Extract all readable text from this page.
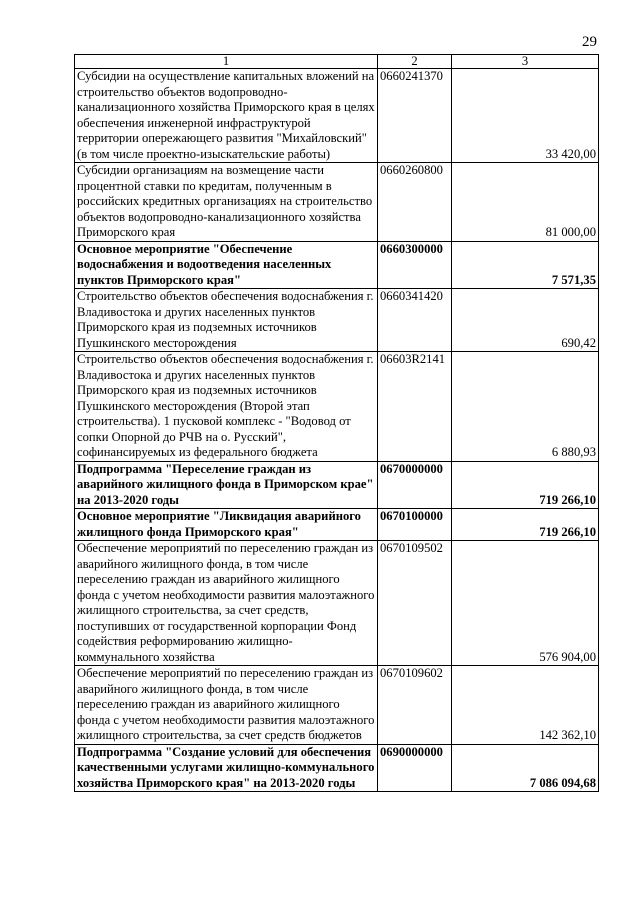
29
1	2	3
Субсидии на осуществление капитальных вложений на строительство объектов водопроводно-канализационного хозяйства Приморского края в целях обеспечения инженерной инфраструктурой территории опережающего развития "Михайловский" (в том числе проектно-изыскательские работы)	0660241370	33 420,00
Субсидии организациям на возмещение части процентной ставки по кредитам, полученным в российских кредитных организациях на строительство объектов водопроводно-канализационного хозяйства Приморского края	0660260800	81 000,00
Основное мероприятие "Обеспечение водоснабжения и водоотведения населенных пунктов Приморского края"	0660300000	7 571,35
Строительство объектов обеспечения водоснабжения г. Владивостока и других населенных пунктов Приморского края из подземных источников Пушкинского месторождения	0660341420	690,42
Строительство объектов обеспечения водоснабжения г. Владивостока и других населенных пунктов Приморского края из подземных источников Пушкинского месторождения (Второй этап строительства). 1 пусковой комплекс - "Водовод от сопки Опорной до РЧВ на о. Русский", софинансируемых из федерального бюджета	06603R2141	6 880,93
Подпрограмма "Переселение граждан из аварийного жилищного фонда в Приморском крае" на 2013-2020 годы	0670000000	719 266,10
Основное мероприятие "Ликвидация аварийного жилищного фонда Приморского края"	0670100000	719 266,10
Обеспечение мероприятий по переселению граждан из аварийного жилищного фонда, в том числе переселению граждан из аварийного жилищного фонда с учетом необходимости развития малоэтажного жилищного строительства, за счет средств, поступивших от государственной корпорации Фонд содействия реформированию жилищно-коммунального хозяйства	0670109502	576 904,00
Обеспечение мероприятий по переселению граждан из аварийного жилищного фонда, в том числе переселению граждан из аварийного жилищного фонда с учетом необходимости развития малоэтажного жилищного строительства, за счет средств бюджетов	0670109602	142 362,10
Подпрограмма "Создание условий для обеспечения качественными услугами жилищно-коммунального хозяйства Приморского края" на 2013-2020 годы	0690000000	7 086 094,68
